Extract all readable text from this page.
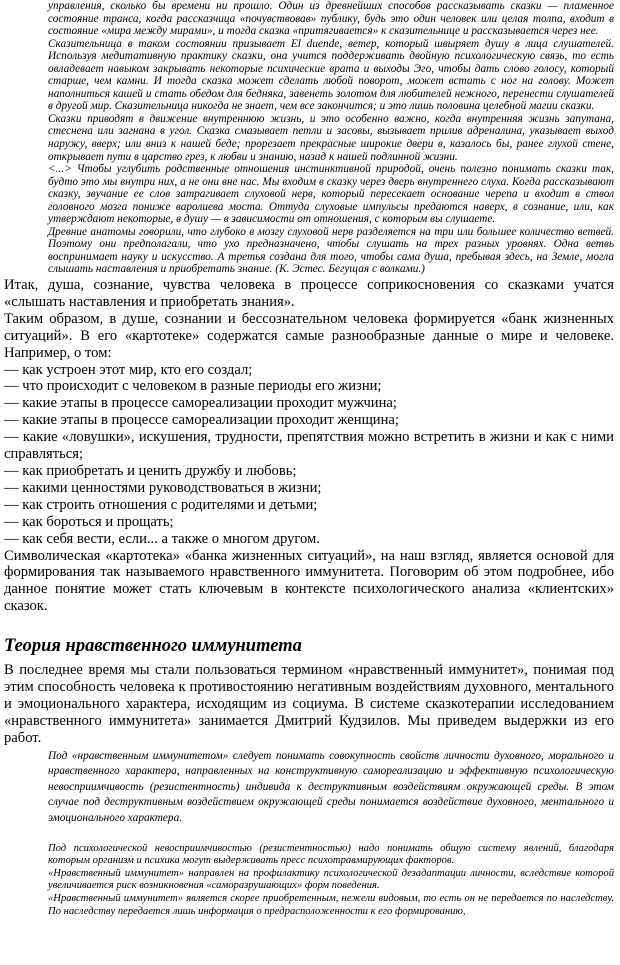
управления, сколько бы времени ни прошло. Один из древнейших способов рассказывать сказки — пламенное состояние транса, когда рассказчица «почувствовав» публику, будь это один человек или целая толпа, входит в состояние «мира между мирами», и тогда сказка «притягивается» к сказительнице и рассказывается через нее.

Сказительница в таком состоянии призывает El duende, ветер, который швыряет душу в лица слушателей. Используя медитативную практику сказки, она учится поддерживать двойную психологическую связь, то есть овладевает навыком закрывать некоторые психические врата и выходы Эго, чтобы дать слово голосу, который старше, чем камни. И тогда сказка может сделать любой поворот, может встать с ног на голову. Может наполниться кашей и стать обедом для бедняка, завенеть золотом для любителей нежного, перенести слушателей в другой мир. Сказительница никогда не знает, чем все закончится; и это лишь половина целебной магии сказки.

Сказки приводят в движение внутреннюю жизнь, и это особенно важно, когда внутренняя жизнь запутана, стеснена или загнана в угол. Сказка смазывает петли и засовы, вызывает прилив адреналина, указывает выход наружу, вверх; или вниз к нашей беде; прорезает прекрасные широкие двери в, казалось бы, ранее глухой стене, открывает пути в царство грез, к любви и знанию, назад к нашей подлинной жизни.

<...> Чтобы углубить родственные отношения инстинктивной природой, очень полезно понимать сказки так, будто это мы внутри них, а не они вне нас. Мы входим в сказку через дверь внутреннего слуха. Когда рассказывают сказку, звучание ее слов затрагивает слуховой нерв, который пересекает основание черепа и входит в ствол головного мозга пониже варолиева моста. Оттуда слуховые импульсы предаются наверх, в сознание, или, как утверждают некоторые, в душу — в зависимости от отношения, с которым вы слушаете.

Древние анатомы говорили, что глубоко в мозгу слуховой нерв разделяется на три или большее количество ветвей. Поэтому они предполагали, что ухо предназначено, чтобы слушать на трех разных уровнях. Одна ветвь воспринимает науку и искусство. А третья создана для того, чтобы сама душа, пребывая здесь, на Земле, могла слышать наставления и приобретать знание. (К. Эстес. Бегущая с волками.)

Итак, душа, сознание, чувства человека в процессе соприкосновения со сказками учатся «слышать наставления и приобретать знания».

Таким образом, в душе, сознании и бессознательном человека формируется «банк жизненных ситуаций». В его «картотеке» содержатся самые разнообразные данные о мире и человеке. Например, о том:

— как устроен этот мир, кто его создал;
— что происходит с человеком в разные периоды его жизни;
— какие этапы в процессе самореализации проходит мужчина;
— какие этапы в процессе самореализации проходит женщина;
— какие «ловушки», искушения, трудности, препятствия можно встретить в жизни и как с ними справляться;
— как приобретать и ценить дружбу и любовь;
— какими ценностями руководствоваться в жизни;
— как строить отношения с родителями и детьми;
— как бороться и прощать;
— как себя вести, если... а также о многом другом.

Символическая «картотека» «банка жизненных ситуаций», на наш взгляд, является основой для формирования так называемого нравственного иммунитета. Поговорим об этом подробнее, ибо данное понятие может стать ключевым в контексте психологического анализа «клиентских» сказок.

Теория нравственного иммунитета

В последнее время мы стали пользоваться термином «нравственный иммунитет», понимая под этим способность человека к противостоянию негативным воздействиям духовного, ментального и эмоционального характера, исходящим из социума. В системе сказкотерапии исследованием «нравственного иммунитета» занимается Дмитрий Кудзилов. Мы приведем выдержки из его работ.

Под «нравственным иммунитетом» следует понимать совокупность свойств личности духовного, морального и нравственного характера, направленных на конструктивную самореализацию и эффективную психологическую невосприимчивость (резистентность) индивида к деструктивным воздействиям окружающей среды. В этом случае под деструктивным воздействием окружающей среды понимается воздействие духовного, ментального и эмоционального характера.

Под психологической невосприимчивостью (резистентностью) надо понимать общую систему явлений, благодаря которым организм и психика могут выдерживать пресс психотравмирующих факторов.

«Нравственный иммунитет» направлен на профилактику психологической дезадаптации личности, вследствие которой увеличивается риск возникновения «саморазрушающих» форм поведения.

«Нравственный иммунитет» является скорее приобретенным, нежели видовым, то есть он не передается по наследству. По наследству передается лишь информация о предрасположенности к его формированию,
